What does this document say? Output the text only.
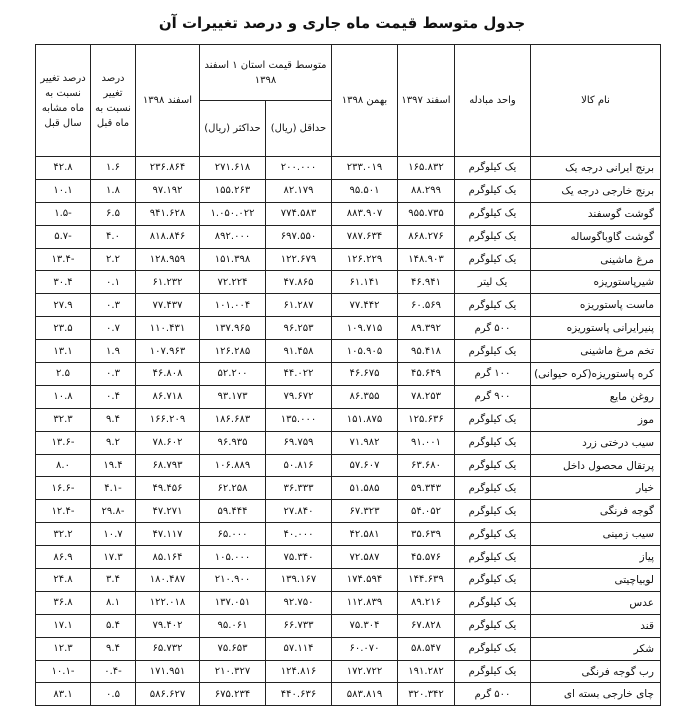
جدول متوسط قیمت ماه جاری و درصد تغییرات آن
نام کالا	واحد مبادله	اسفند ۱۳۹۷	بهمن ۱۳۹۸	متوسط قیمت استان ۱ اسفند ۱۳۹۸		اسفند ۱۳۹۸	درصد تغییر نسبت به ماه قبل	درصد تغییر نسبت به ماه مشابه سال قبل
				حداقل (ریال)	حداکثر (ریال)			
برنج ایرانی درجه یک	یک کیلوگرم	۱۶۵.۸۳۲	۲۳۳.۰۱۹	۲۰۰.۰۰۰	۲۷۱.۶۱۸	۲۳۶.۸۶۴	۱.۶	۴۲.۸
برنج خارجی درجه یک	یک کیلوگرم	۸۸.۲۹۹	۹۵.۵۰۱	۸۲.۱۷۹	۱۵۵.۲۶۳	۹۷.۱۹۲	۱.۸	۱۰.۱
گوشت گوسفند	یک کیلوگرم	۹۵۵.۷۳۵	۸۸۳.۹۰۷	۷۷۴.۵۸۳	۱.۰۵۰.۰۲۲	۹۴۱.۶۲۸	۶.۵	-۱.۵
گوشت گاوباگوساله	یک کیلوگرم	۸۶۸.۲۷۶	۷۸۷.۶۳۴	۶۹۷.۵۵۰	۸۹۲.۰۰۰	۸۱۸.۸۴۶	۴.۰	-۵.۷
مرغ ماشینی	یک کیلوگرم	۱۴۸.۹۰۳	۱۲۶.۲۲۹	۱۲۲.۶۷۹	۱۵۱.۳۹۸	۱۲۸.۹۵۹	۲.۲	-۱۳.۴
شیرپاستوریزه	یک لیتر	۴۶.۹۴۱	۶۱.۱۴۱	۴۷.۸۶۵	۷۲.۲۲۴	۶۱.۲۳۲	۰.۱	۳۰.۴
ماست پاستوریزه	یک کیلوگرم	۶۰.۵۶۹	۷۷.۴۴۲	۶۱.۲۸۷	۱۰۱.۰۰۴	۷۷.۴۳۷	۰.۳	۲۷.۹
پنیرایرانی پاستوریزه	۵۰۰ گرم	۸۹.۳۹۲	۱۰۹.۷۱۵	۹۶.۲۵۳	۱۳۷.۹۶۵	۱۱۰.۴۳۱	۰.۷	۲۳.۵
تخم مرغ ماشینی	یک کیلوگرم	۹۵.۴۱۸	۱۰۵.۹۰۵	۹۱.۴۵۸	۱۲۶.۲۸۵	۱۰۷.۹۶۳	۱.۹	۱۳.۱
کره پاستوریزه(کره حیوانی)	۱۰۰ گرم	۴۵.۶۴۹	۴۶.۶۷۵	۴۴.۰۲۲	۵۲.۲۰۰	۴۶.۸۰۸	۰.۳	۲.۵
روغن مایع	۹۰۰ گرم	۷۸.۲۵۳	۸۶.۳۵۵	۷۹.۶۷۲	۹۳.۱۷۳	۸۶.۷۱۸	۰.۴	۱۰.۸
موز	یک کیلوگرم	۱۲۵.۶۳۶	۱۵۱.۸۷۵	۱۳۵.۰۰۰	۱۸۶.۶۸۳	۱۶۶.۲۰۹	۹.۴	۳۲.۳
سیب درختی زرد	یک کیلوگرم	۹۱.۰۰۱	۷۱.۹۸۲	۶۹.۷۵۹	۹۶.۹۳۵	۷۸.۶۰۲	۹.۲	-۱۳.۶
پرتقال محصول داخل	یک کیلوگرم	۶۳.۶۸۰	۵۷.۶۰۷	۵۰.۸۱۶	۱۰۶.۸۸۹	۶۸.۷۹۳	۱۹.۴	۸.۰
خیار	یک کیلوگرم	۵۹.۳۴۳	۵۱.۵۸۵	۳۶.۳۳۳	۶۲.۲۵۸	۴۹.۴۵۶	-۴.۱	-۱۶.۶
گوجه فرنگی	یک کیلوگرم	۵۴.۰۵۲	۶۷.۳۲۳	۲۷.۸۴۰	۵۹.۴۴۴	۴۷.۲۷۱	-۲۹.۸	-۱۲.۴
سیب زمینی	یک کیلوگرم	۳۵.۶۳۹	۴۲.۵۸۱	۴۰.۰۰۰	۶۵.۰۰۰	۴۷.۱۱۷	۱۰.۷	۳۲.۲
پیاز	یک کیلوگرم	۴۵.۵۷۶	۷۲.۵۸۷	۷۵.۳۴۰	۱۰۵.۰۰۰	۸۵.۱۶۴	۱۷.۳	۸۶.۹
لوبیاچیتی	یک کیلوگرم	۱۴۴.۶۳۹	۱۷۴.۵۹۴	۱۳۹.۱۶۷	۲۱۰.۹۰۰	۱۸۰.۴۸۷	۳.۴	۲۴.۸
عدس	یک کیلوگرم	۸۹.۲۱۶	۱۱۲.۸۳۹	۹۲.۷۵۰	۱۳۷.۰۵۱	۱۲۲.۰۱۸	۸.۱	۳۶.۸
قند	یک کیلوگرم	۶۷.۸۲۸	۷۵.۳۰۴	۶۶.۷۳۳	۹۵.۰۶۱	۷۹.۴۰۲	۵.۴	۱۷.۱
شکر	یک کیلوگرم	۵۸.۵۴۷	۶۰.۰۷۰	۵۷.۱۱۴	۷۵.۶۵۳	۶۵.۷۳۲	۹.۴	۱۲.۳
رب گوجه فرنگی	یک کیلوگرم	۱۹۱.۲۸۲	۱۷۲.۷۲۲	۱۲۴.۸۱۶	۲۱۰.۳۲۷	۱۷۱.۹۵۱	-۰.۴	-۱۰.۱
چای خارجی بسته ای	۵۰۰ گرم	۳۲۰.۳۴۲	۵۸۳.۸۱۹	۴۴۰.۶۳۶	۶۷۵.۲۳۴	۵۸۶.۶۲۷	۰.۵	۸۳.۱
